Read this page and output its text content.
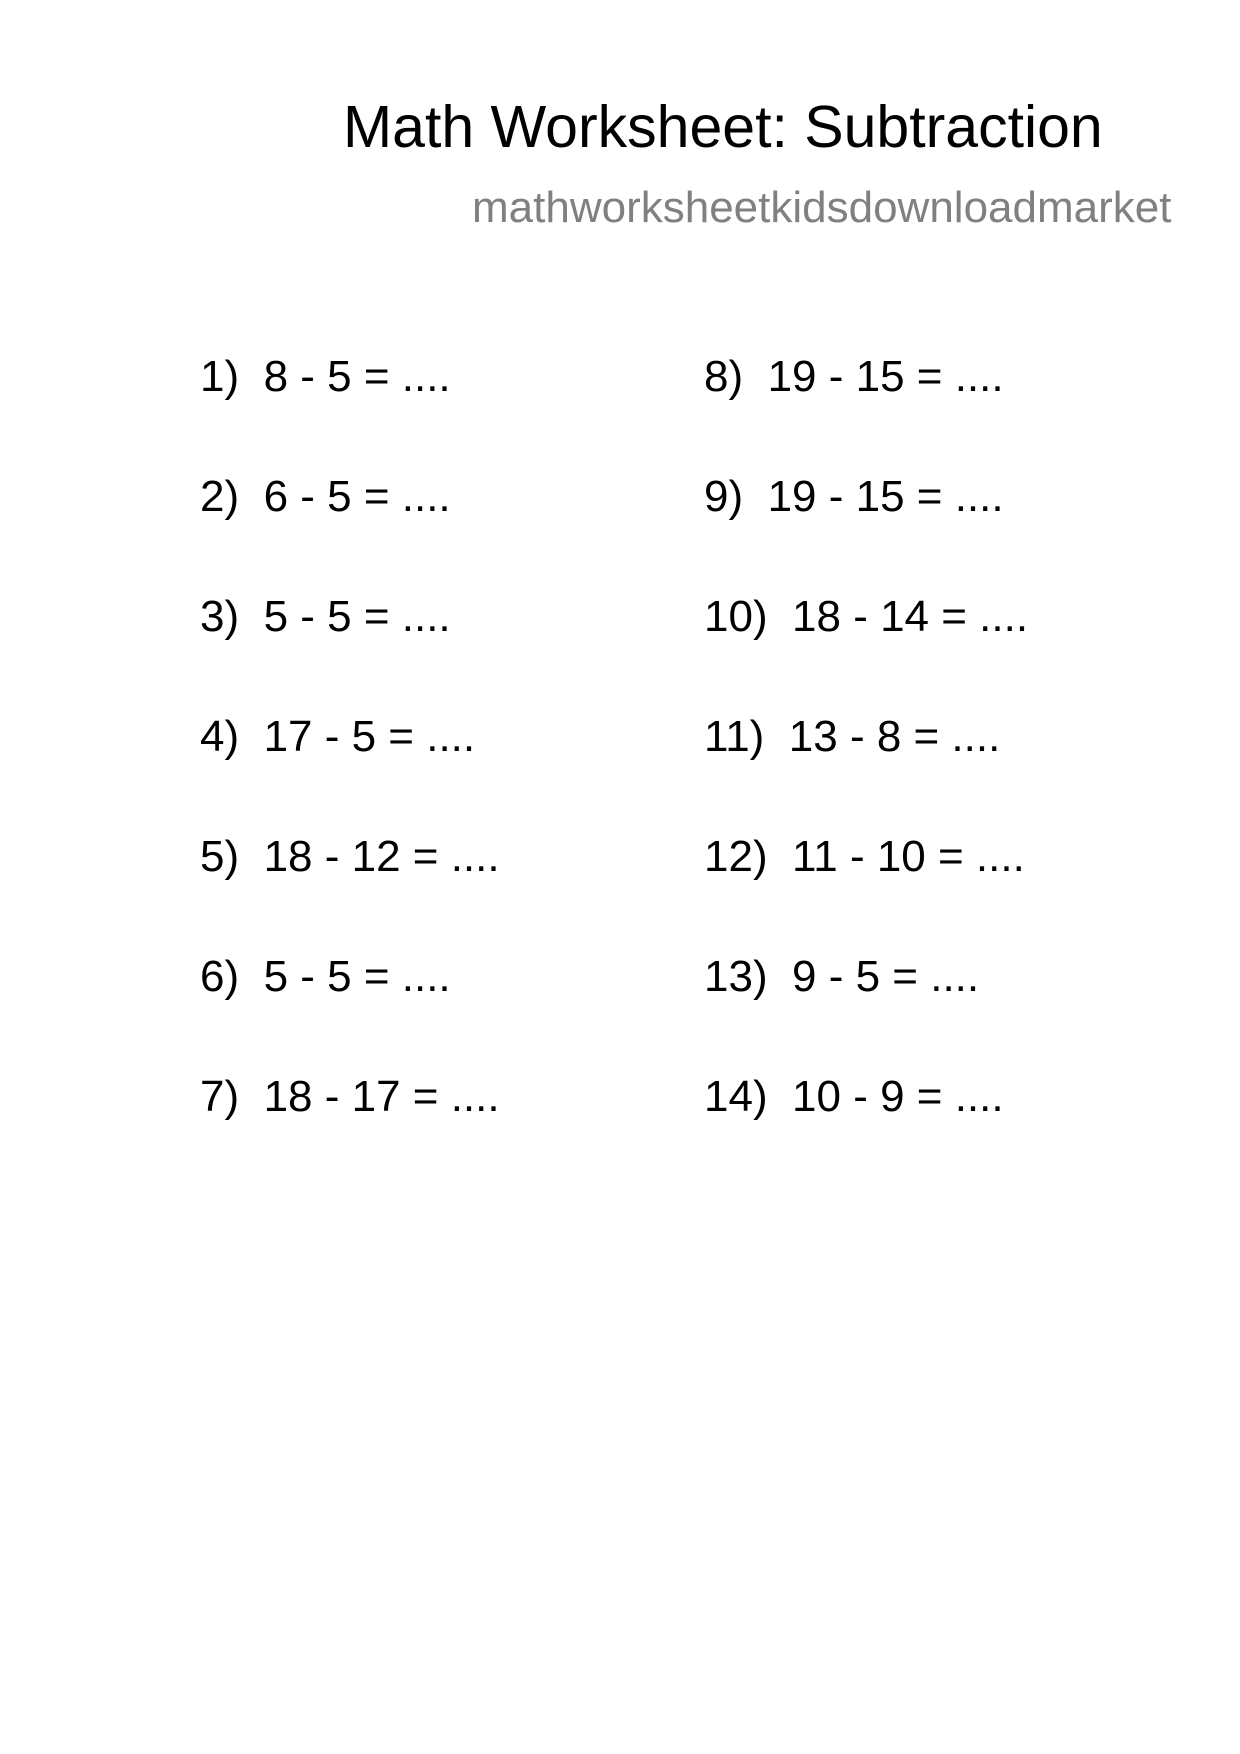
Math Worksheet: Subtraction
mathworksheetkidsdownloadmarket
1)  8 - 5 = ....
2)  6 - 5 = ....
3)  5 - 5 = ....
4)  17 - 5 = ....
5)  18 - 12 = ....
6)  5 - 5 = ....
7)  18 - 17 = ....
8)  19 - 15 = ....
9)  19 - 15 = ....
10)  18 - 14 = ....
11)  13 - 8 = ....
12)  11 - 10 = ....
13)  9 - 5 = ....
14)  10 - 9 = ....
